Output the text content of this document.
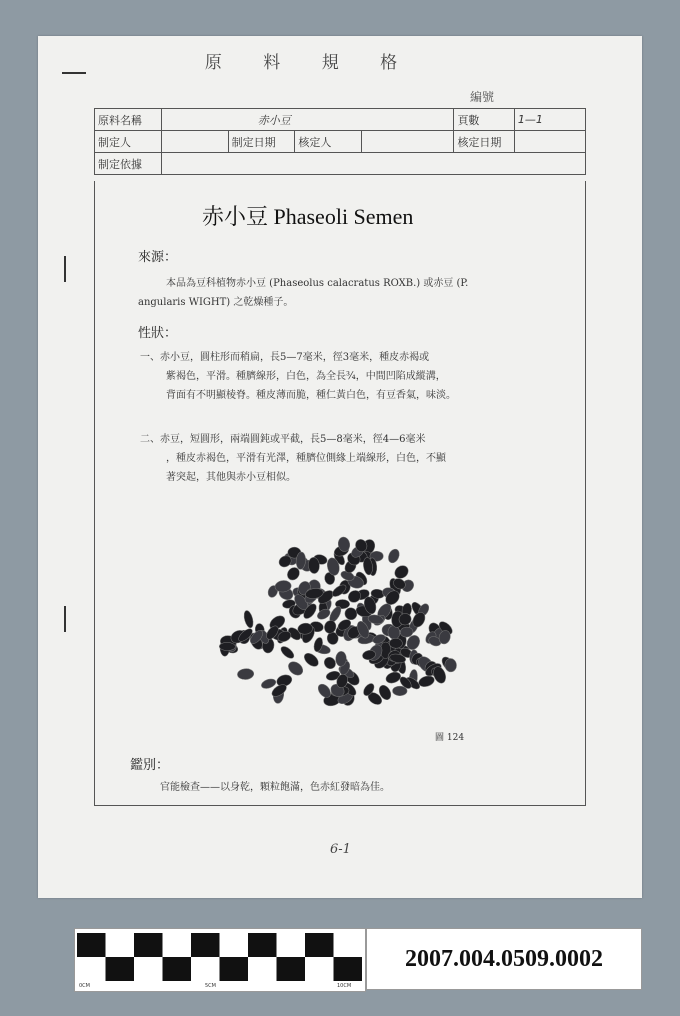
原 料 規 格
編號
原料名稱	赤小豆				頁數	1—1
制定人		制定日期	核定人		核定日期	
制定依據						
赤小豆 Phaseoli Semen
來源：
本品為豆科植物赤小豆 (Phaseolus calacratus ROXB.) 或赤豆 (P.
angularis WIGHT) 之乾燥種子。
性狀：
一、赤小豆，圓柱形而稍扁，長5—7毫米，徑3毫米，種皮赤褐或
紫褐色，平滑。種臍線形，白色，為全長¾，中間凹陷成縱溝，
背面有不明顯棱脊。種皮薄而脆，種仁黃白色，有豆香氣，味淡。
二、赤豆，短圓形，兩端圓鈍或平截，長5—8毫米，徑4—6毫米
，種皮赤褐色，平滑有光澤，種臍位側緣上端線形，白色，不顯
著突起，其他與赤小豆相似。
圖 124
鑑別：
官能檢查——以身乾，顆粒飽滿，色赤紅發暗為佳。
6-1
0CM	5CM	10CM
2007.004.0509.0002
